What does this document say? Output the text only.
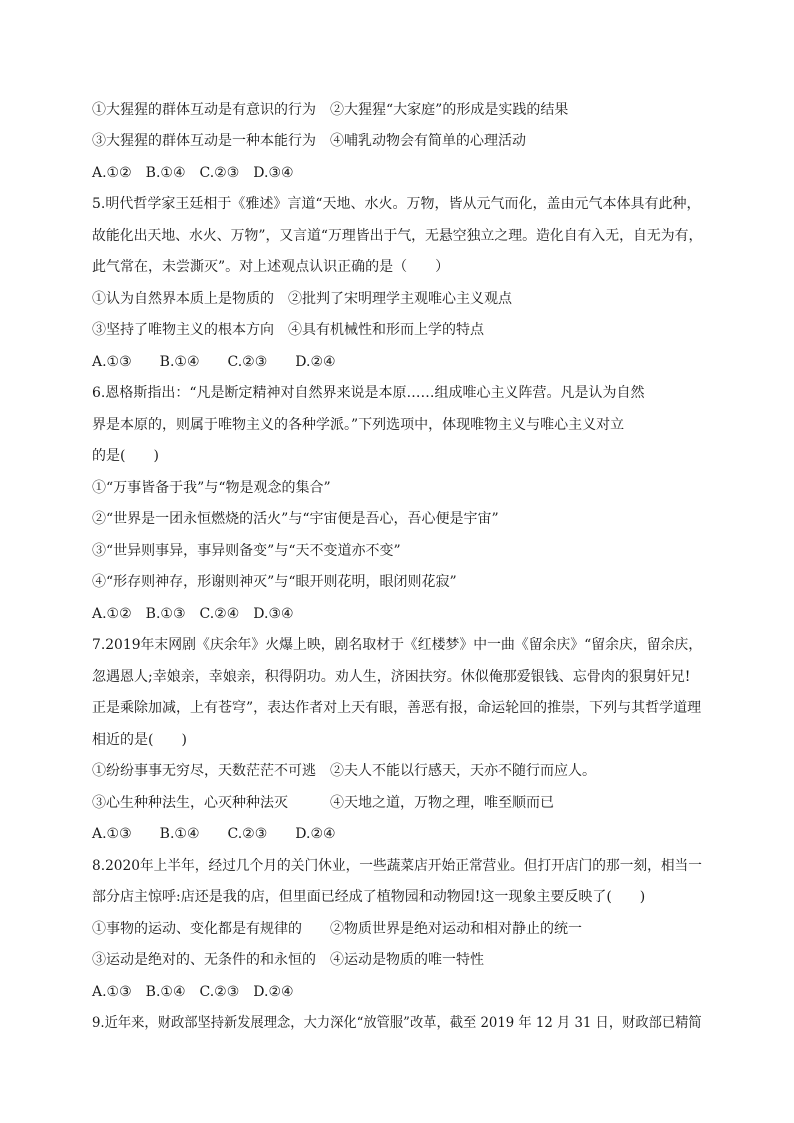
①大猩猩的群体互动是有意识的行为　②大猩猩“大家庭”的形成是实践的结果
③大猩猩的群体互动是一种本能行为　④哺乳动物会有简单的心理活动
A.①②　B.①④　C.②③　D.③④
5.明代哲学家王廷相于《雅述》言道“天地、水火。万物，皆从元气而化，盖由元气本体具有此种，
故能化出天地、水火、万物”，又言道“万理皆出于气，无悬空独立之理。造化自有入无，自无为有，
此气常在，未尝澌灭”。对上述观点认识正确的是（　　）
①认为自然界本质上是物质的　②批判了宋明理学主观唯心主义观点
③坚持了唯物主义的根本方向　④具有机械性和形而上学的特点
A.①③　　B.①④　　C.②③　　D.②④
6.恩格斯指出：“凡是断定精神对自然界来说是本原……组成唯心主义阵营。凡是认为自然
界是本原的，则属于唯物主义的各种学派。”下列选项中，体现唯物主义与唯心主义对立
的是(　　)
①“万事皆备于我”与“物是观念的集合”
②“世界是一团永恒燃烧的活火”与“宇宙便是吾心，吾心便是宇宙”
③“世异则事异，事异则备变”与“天不变道亦不变”
④“形存则神存，形谢则神灭”与“眼开则花明，眼闭则花寂”
A.①②　B.①③　C.②④　D.③④
7.2019年末网剧《庆余年》火爆上映，剧名取材于《红楼梦》中一曲《留余庆》“留余庆，留余庆，
忽遇恩人;幸娘亲，幸娘亲，积得阴功。劝人生，济困扶穷。休似俺那爱银钱、忘骨肉的狠舅奸兄!
正是乘除加减，上有苍穹”，表达作者对上天有眼，善恶有报，命运轮回的推崇，下列与其哲学道理
相近的是(　　)
①纷纷事事无穷尽，天数茫茫不可逃　②夫人不能以行感天，天亦不随行而应人。
③心生种种法生，心灭种种法灭　　　④天地之道，万物之理，唯至顺而已
A.①③　　B.①④　　C.②③　　D.②④
8.2020年上半年，经过几个月的关门休业，一些蔬菜店开始正常营业。但打开店门的那一刻，相当一
部分店主惊呼:店还是我的店，但里面已经成了植物园和动物园!这一现象主要反映了(　　)
①事物的运动、变化都是有规律的　　②物质世界是绝对运动和相对静止的统一
③运动是绝对的、无条件的和永恒的　④运动是物质的唯一特性
A.①③　B.①④　C.②③　D.②④
9.近年来，财政部坚持新发展理念，大力深化“放管服”改革，截至 2019 年 12 月 31 日，财政部已精简
